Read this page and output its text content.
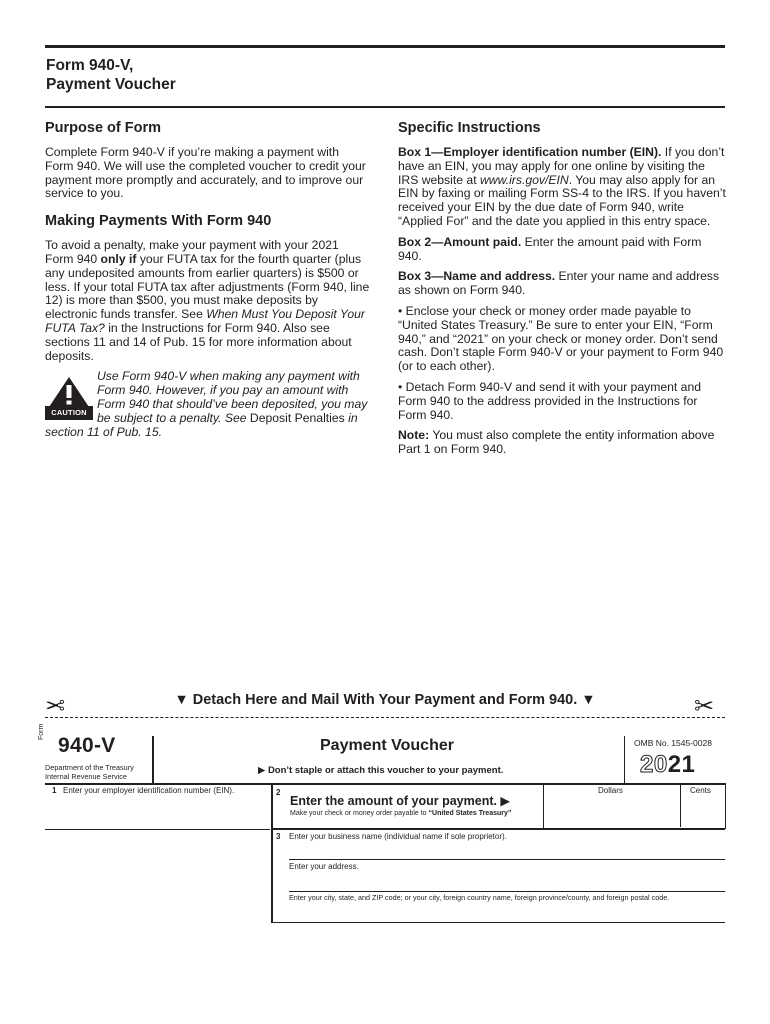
Form 940-V,
Payment Voucher
Purpose of Form

Complete Form 940-V if you’re making a payment with Form 940. We will use the completed voucher to credit your payment more promptly and accurately, and to improve our service to you.

Making Payments With Form 940

To avoid a penalty, make your payment with your 2021 Form 940 only if your FUTA tax for the fourth quarter (plus any undeposited amounts from earlier quarters) is $500 or less. If your total FUTA tax after adjustments (Form 940, line 12) is more than $500, you must make deposits by electronic funds transfer. See When Must You Deposit Your FUTA Tax? in the Instructions for Form 940. Also see sections 11 and 14 of Pub. 15 for more information about deposits.

CAUTION

Use Form 940-V when making any payment with Form 940. However, if you pay an amount with Form 940 that should’ve been deposited, you may be subject to a penalty. See Deposit Penalties in section 11 of Pub. 15.

Specific Instructions

Box 1—Employer identification number (EIN). If you don’t have an EIN, you may apply for one online by visiting the IRS website at www.irs.gov/EIN. You may also apply for an EIN by faxing or mailing Form SS-4 to the IRS. If you haven’t received your EIN by the due date of Form 940, write “Applied For” and the date you applied in this entry space.

Box 2—Amount paid. Enter the amount paid with Form 940.

Box 3—Name and address. Enter your name and address as shown on Form 940.

• Enclose your check or money order made payable to “United States Treasury.” Be sure to enter your EIN, “Form 940,” and “2021” on your check or money order. Don’t send cash. Don’t staple Form 940-V or your payment to Form 940 (or to each other).

• Detach Form 940-V and send it with your payment and Form 940 to the address provided in the Instructions for Form 940.

Note: You must also complete the entity information above Part 1 on Form 940.

✂	▼ Detach Here and Mail With Your Payment and Form 940. ▼	✂
Form
940-V
Department of the Treasury
Internal Revenue Service
Payment Voucher
▶ Don’t staple or attach this voucher to your payment.
OMB No. 1545-0028
2021
1 Enter your employer identification number (EIN).	2
Enter the amount of your payment. ▶
Make your check or money order payable to “United States Treasury”
Dollars	Cents
3 Enter your business name (individual name if sole proprietor).
Enter your address.
Enter your city, state, and ZIP code; or your city, foreign country name, foreign province/county, and foreign postal code.
